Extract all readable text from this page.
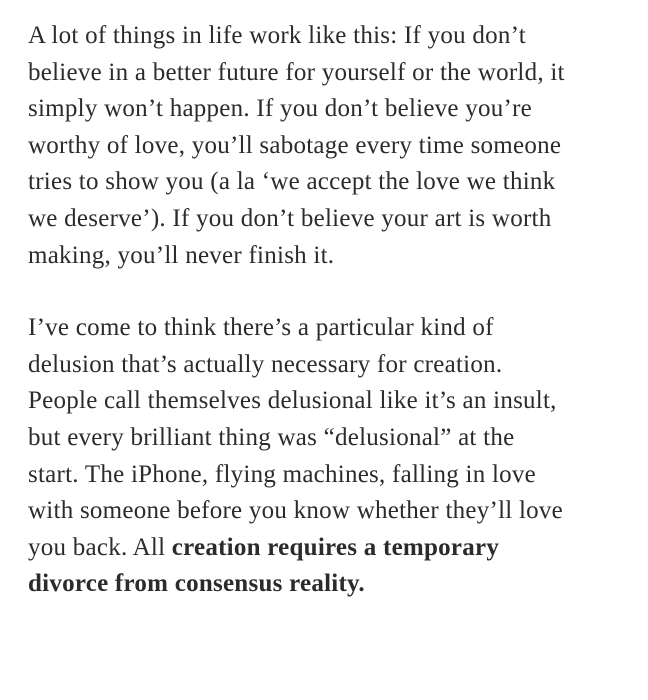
A lot of things in life work like this: If you don’t
believe in a better future for yourself or the world, it
simply won’t happen. If you don’t believe you’re
worthy of love, you’ll sabotage every time someone
tries to show you (a la ‘we accept the love we think
we deserve’). If you don’t believe your art is worth
making, you’ll never finish it.

I’ve come to think there’s a particular kind of
delusion that’s actually necessary for creation.
People call themselves delusional like it’s an insult,
but every brilliant thing was “delusional” at the
start. The iPhone, flying machines, falling in love
with someone before you know whether they’ll love
you back. All creation requires a temporary
divorce from consensus reality.
